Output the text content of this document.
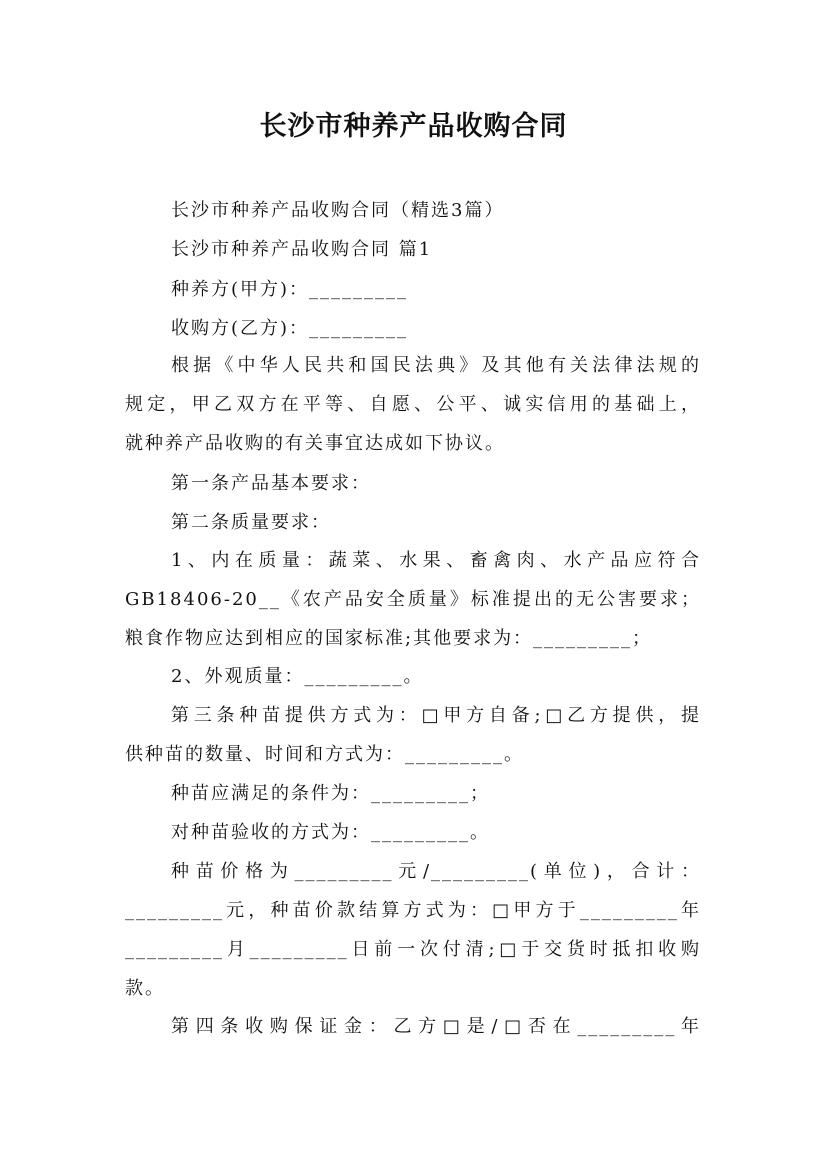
长沙市种养产品收购合同
长沙市种养产品收购合同（精选3篇）
长沙市种养产品收购合同 篇1
种养方(甲方)：_________
收购方(乙方)：_________
根据《中华人民共和国民法典》及其他有关法律法规的
规定，甲乙双方在平等、自愿、公平、诚实信用的基础上，
就种养产品收购的有关事宜达成如下协议。
第一条产品基本要求：
第二条质量要求：
1、内在质量：蔬菜、水果、畜禽肉、水产品应符合
GB18406-20__《农产品安全质量》标准提出的无公害要求；
粮食作物应达到相应的国家标准;其他要求为：_________；
2、外观质量：_________。
第三条种苗提供方式为：□甲方自备;□乙方提供，提
供种苗的数量、时间和方式为：_________。
种苗应满足的条件为：_________；
对种苗验收的方式为：_________。
种苗价格为_________元/_________(单位)，合计：
_________元，种苗价款结算方式为：□甲方于_________年
_________月_________日前一次付清;□于交货时抵扣收购
款。
第四条收购保证金：乙方□是/□否在_________年
